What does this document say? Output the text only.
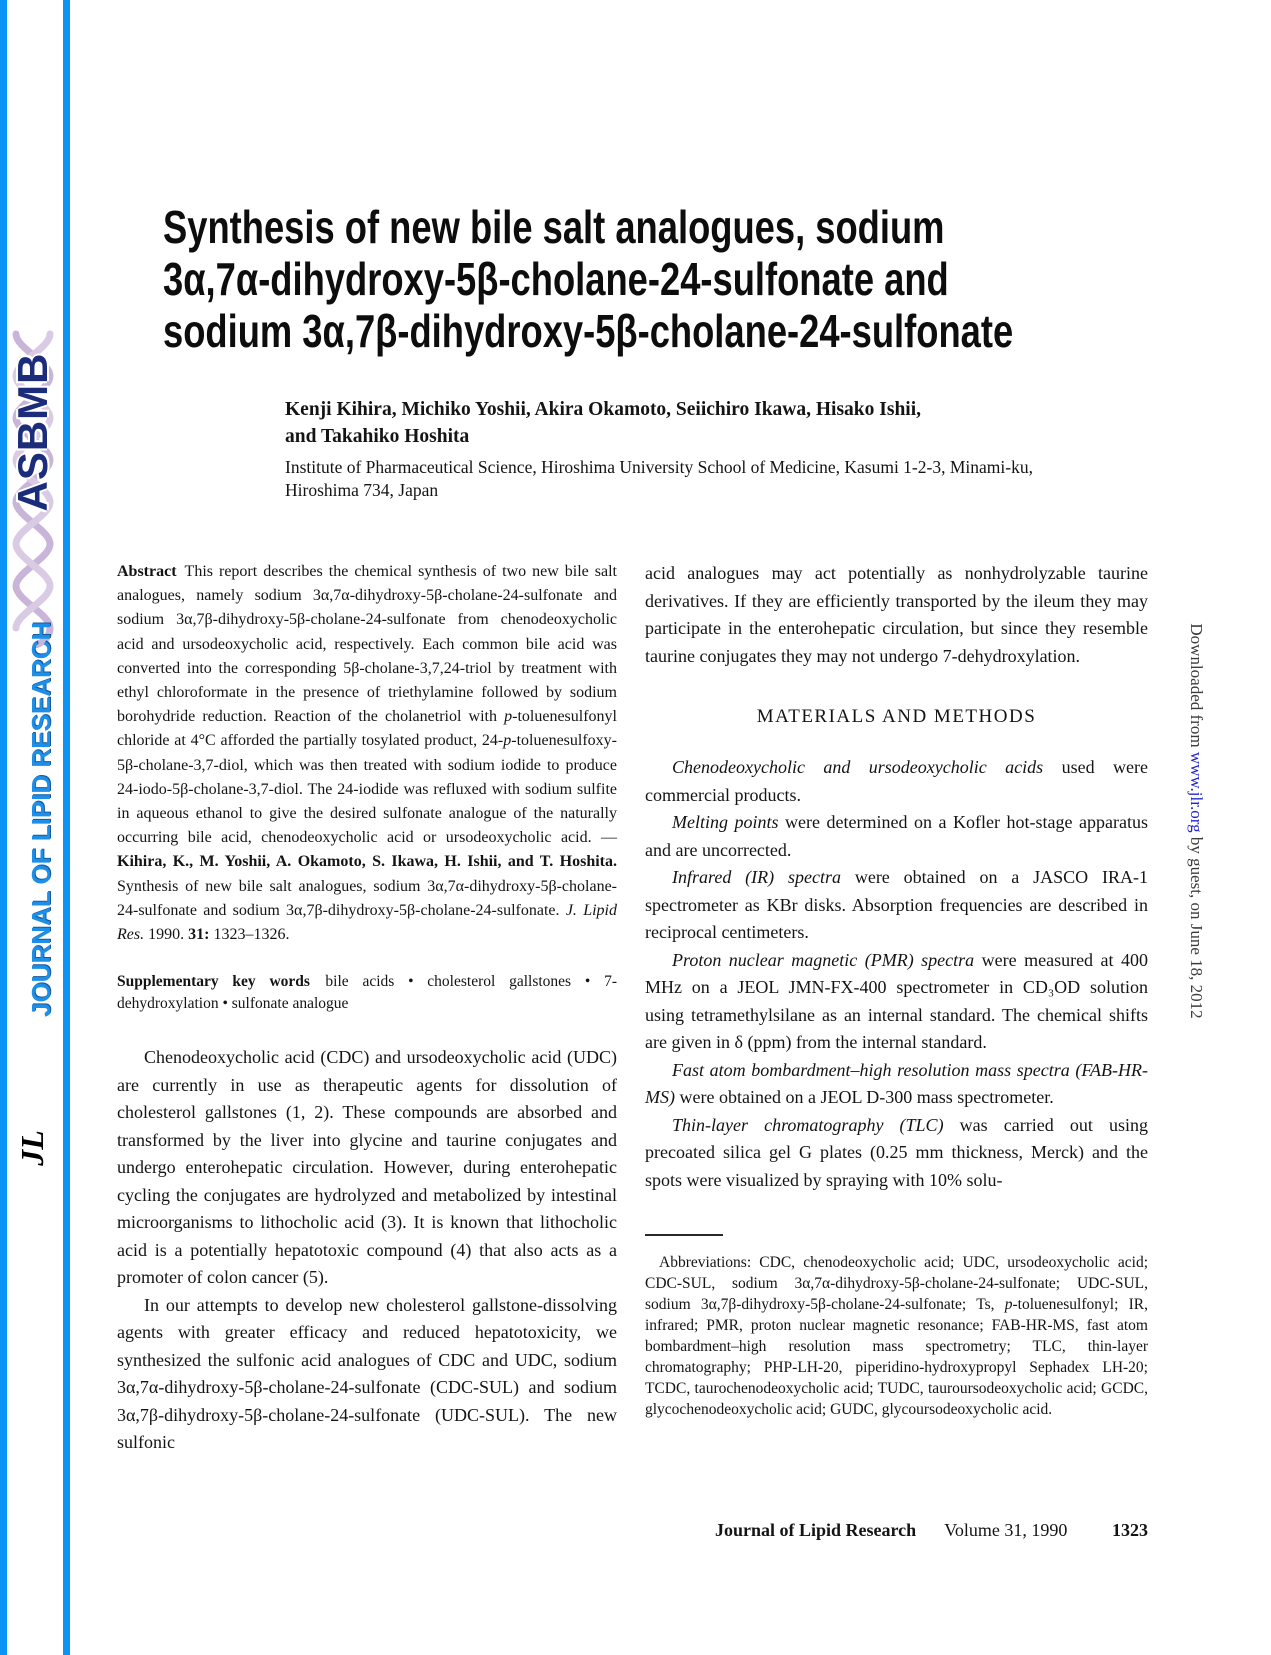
ASBMB
JOURNAL OF LIPID RESEARCH
JL
Downloaded from www.jlr.org by guest, on June 18, 2012
Synthesis of new bile salt analogues, sodium
3α,7α-dihydroxy-5β-cholane-24-sulfonate and
sodium 3α,7β-dihydroxy-5β-cholane-24-sulfonate
Kenji Kihira, Michiko Yoshii, Akira Okamoto, Seiichiro Ikawa, Hisako Ishii,
and Takahiko Hoshita
Institute of Pharmaceutical Science, Hiroshima University School of Medicine, Kasumi 1-2-3, Minami-ku,
Hiroshima 734, Japan

Abstract This report describes the chemical synthesis of two new bile salt analogues, namely sodium 3α,7α-dihydroxy-5β-cholane-24-sulfonate and sodium 3α,7β-dihydroxy-5β-cholane-24-sulfonate from chenodeoxycholic acid and ursodeoxycholic acid, respectively. Each common bile acid was converted into the corresponding 5β-cholane-3,7,24-triol by treatment with ethyl chloroformate in the presence of triethylamine followed by sodium borohydride reduction. Reaction of the cholanetriol with p-toluenesulfonyl chloride at 4°C afforded the partially tosylated product, 24-p-toluenesulfoxy-5β-cholane-3,7-diol, which was then treated with sodium iodide to produce 24-iodo-5β-cholane-3,7-diol. The 24-iodide was refluxed with sodium sulfite in aqueous ethanol to give the desired sulfonate analogue of the naturally occurring bile acid, chenodeoxycholic acid or ursodeoxycholic acid. — Kihira, K., M. Yoshii, A. Okamoto, S. Ikawa, H. Ishii, and T. Hoshita. Synthesis of new bile salt analogues, sodium 3α,7α-dihydroxy-5β-cholane-24-sulfonate and sodium 3α,7β-dihydroxy-5β-cholane-24-sulfonate. J. Lipid Res. 1990. 31: 1323–1326.

Supplementary key words  bile acids • cholesterol gallstones • 7-dehydroxylation • sulfonate analogue

Chenodeoxycholic acid (CDC) and ursodeoxycholic acid (UDC) are currently in use as therapeutic agents for dissolution of cholesterol gallstones (1, 2). These compounds are absorbed and transformed by the liver into glycine and taurine conjugates and undergo enterohepatic circulation. However, during enterohepatic cycling the conjugates are hydrolyzed and metabolized by intestinal microorganisms to lithocholic acid (3). It is known that lithocholic acid is a potentially hepatotoxic compound (4) that also acts as a promoter of colon cancer (5).

In our attempts to develop new cholesterol gallstone-dissolving agents with greater efficacy and reduced hepatotoxicity, we synthesized the sulfonic acid analogues of CDC and UDC, sodium 3α,7α-dihydroxy-5β-cholane-24-sulfonate (CDC-SUL) and sodium 3α,7β-dihydroxy-5β-cholane-24-sulfonate (UDC-SUL). The new sulfonic

acid analogues may act potentially as nonhydrolyzable taurine derivatives. If they are efficiently transported by the ileum they may participate in the enterohepatic circulation, but since they resemble taurine conjugates they may not undergo 7-dehydroxylation.

MATERIALS AND METHODS

Chenodeoxycholic and ursodeoxycholic acids used were commercial products.

Melting points were determined on a Kofler hot-stage apparatus and are uncorrected.

Infrared (IR) spectra were obtained on a JASCO IRA-1 spectrometer as KBr disks. Absorption frequencies are described in reciprocal centimeters.

Proton nuclear magnetic (PMR) spectra were measured at 400 MHz on a JEOL JMN-FX-400 spectrometer in CD₃OD solution using tetramethylsilane as an internal standard. The chemical shifts are given in δ (ppm) from the internal standard.

Fast atom bombardment–high resolution mass spectra (FAB-HR-MS) were obtained on a JEOL D-300 mass spectrometer.

Thin-layer chromatography (TLC) was carried out using precoated silica gel G plates (0.25 mm thickness, Merck) and the spots were visualized by spraying with 10% solu-

Abbreviations: CDC, chenodeoxycholic acid; UDC, ursodeoxycholic acid; CDC-SUL, sodium 3α,7α-dihydroxy-5β-cholane-24-sulfonate; UDC-SUL, sodium 3α,7β-dihydroxy-5β-cholane-24-sulfonate; Ts, p-toluenesulfonyl; IR, infrared; PMR, proton nuclear magnetic resonance; FAB-HR-MS, fast atom bombardment–high resolution mass spectrometry; TLC, thin-layer chromatography; PHP-LH-20, piperidino-hydroxypropyl Sephadex LH-20; TCDC, taurochenodeoxycholic acid; TUDC, tauroursodeoxycholic acid; GCDC, glycochenodeoxycholic acid; GUDC, glycoursodeoxycholic acid.

Journal of Lipid Research Volume 31, 1990 1323
